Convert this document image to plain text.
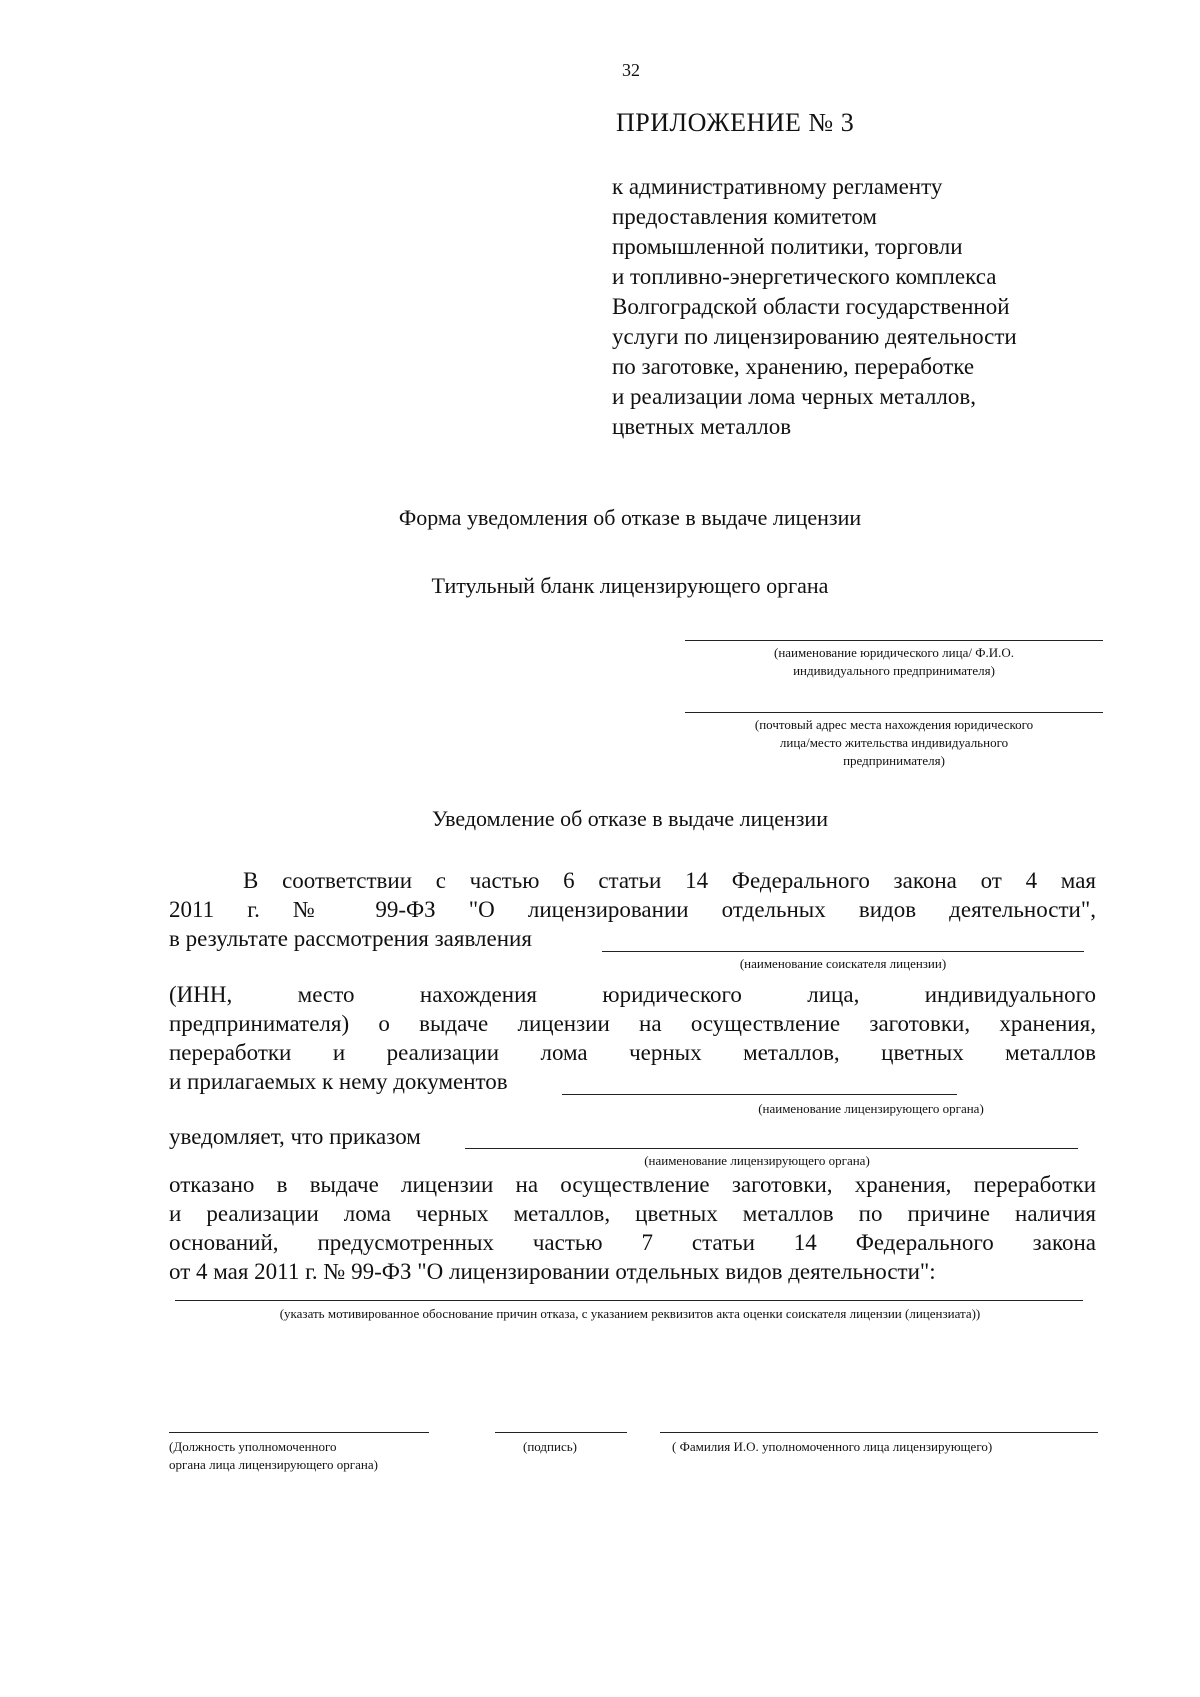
32
ПРИЛОЖЕНИЕ № 3
к административному регламенту
предоставления комитетом
промышленной политики, торговли
и топливно-энергетического комплекса
Волгоградской области государственной
услуги по лицензированию деятельности
по заготовке, хранению, переработке
и реализации лома черных металлов,
цветных металлов
Форма уведомления об отказе в выдаче лицензии
Титульный бланк лицензирующего органа
(наименование юридического лица/ Ф.И.О.
индивидуального предпринимателя)
(почтовый адрес места нахождения юридического
лица/место жительства индивидуального
предпринимателя)
Уведомление об отказе в выдаче лицензии
В соответствии с частью 6 статьи 14 Федерального закона от 4 мая
2011 г. № 99-ФЗ "О лицензировании отдельных видов деятельности",
в результате рассмотрения заявления
(наименование соискателя лицензии)
(ИНН, место нахождения юридического лица, индивидуального
предпринимателя) о выдаче лицензии на осуществление заготовки, хранения,
переработки и реализации лома черных металлов, цветных металлов
и прилагаемых к нему документов
(наименование лицензирующего органа)
уведомляет, что приказом
(наименование лицензирующего органа)
отказано в выдаче лицензии на осуществление заготовки, хранения, переработки
и реализации лома черных металлов, цветных металлов по причине наличия
оснований, предусмотренных частью 7 статьи 14 Федерального закона
от 4 мая 2011 г. № 99-ФЗ "О лицензировании отдельных видов деятельности":
(указать мотивированное обоснование причин отказа, с указанием реквизитов акта оценки соискателя лицензии (лицензиата))
(Должность уполномоченного
органа лица лицензирующего органа)
(подпись)	( Фамилия И.О. уполномоченного лица лицензирующего)
